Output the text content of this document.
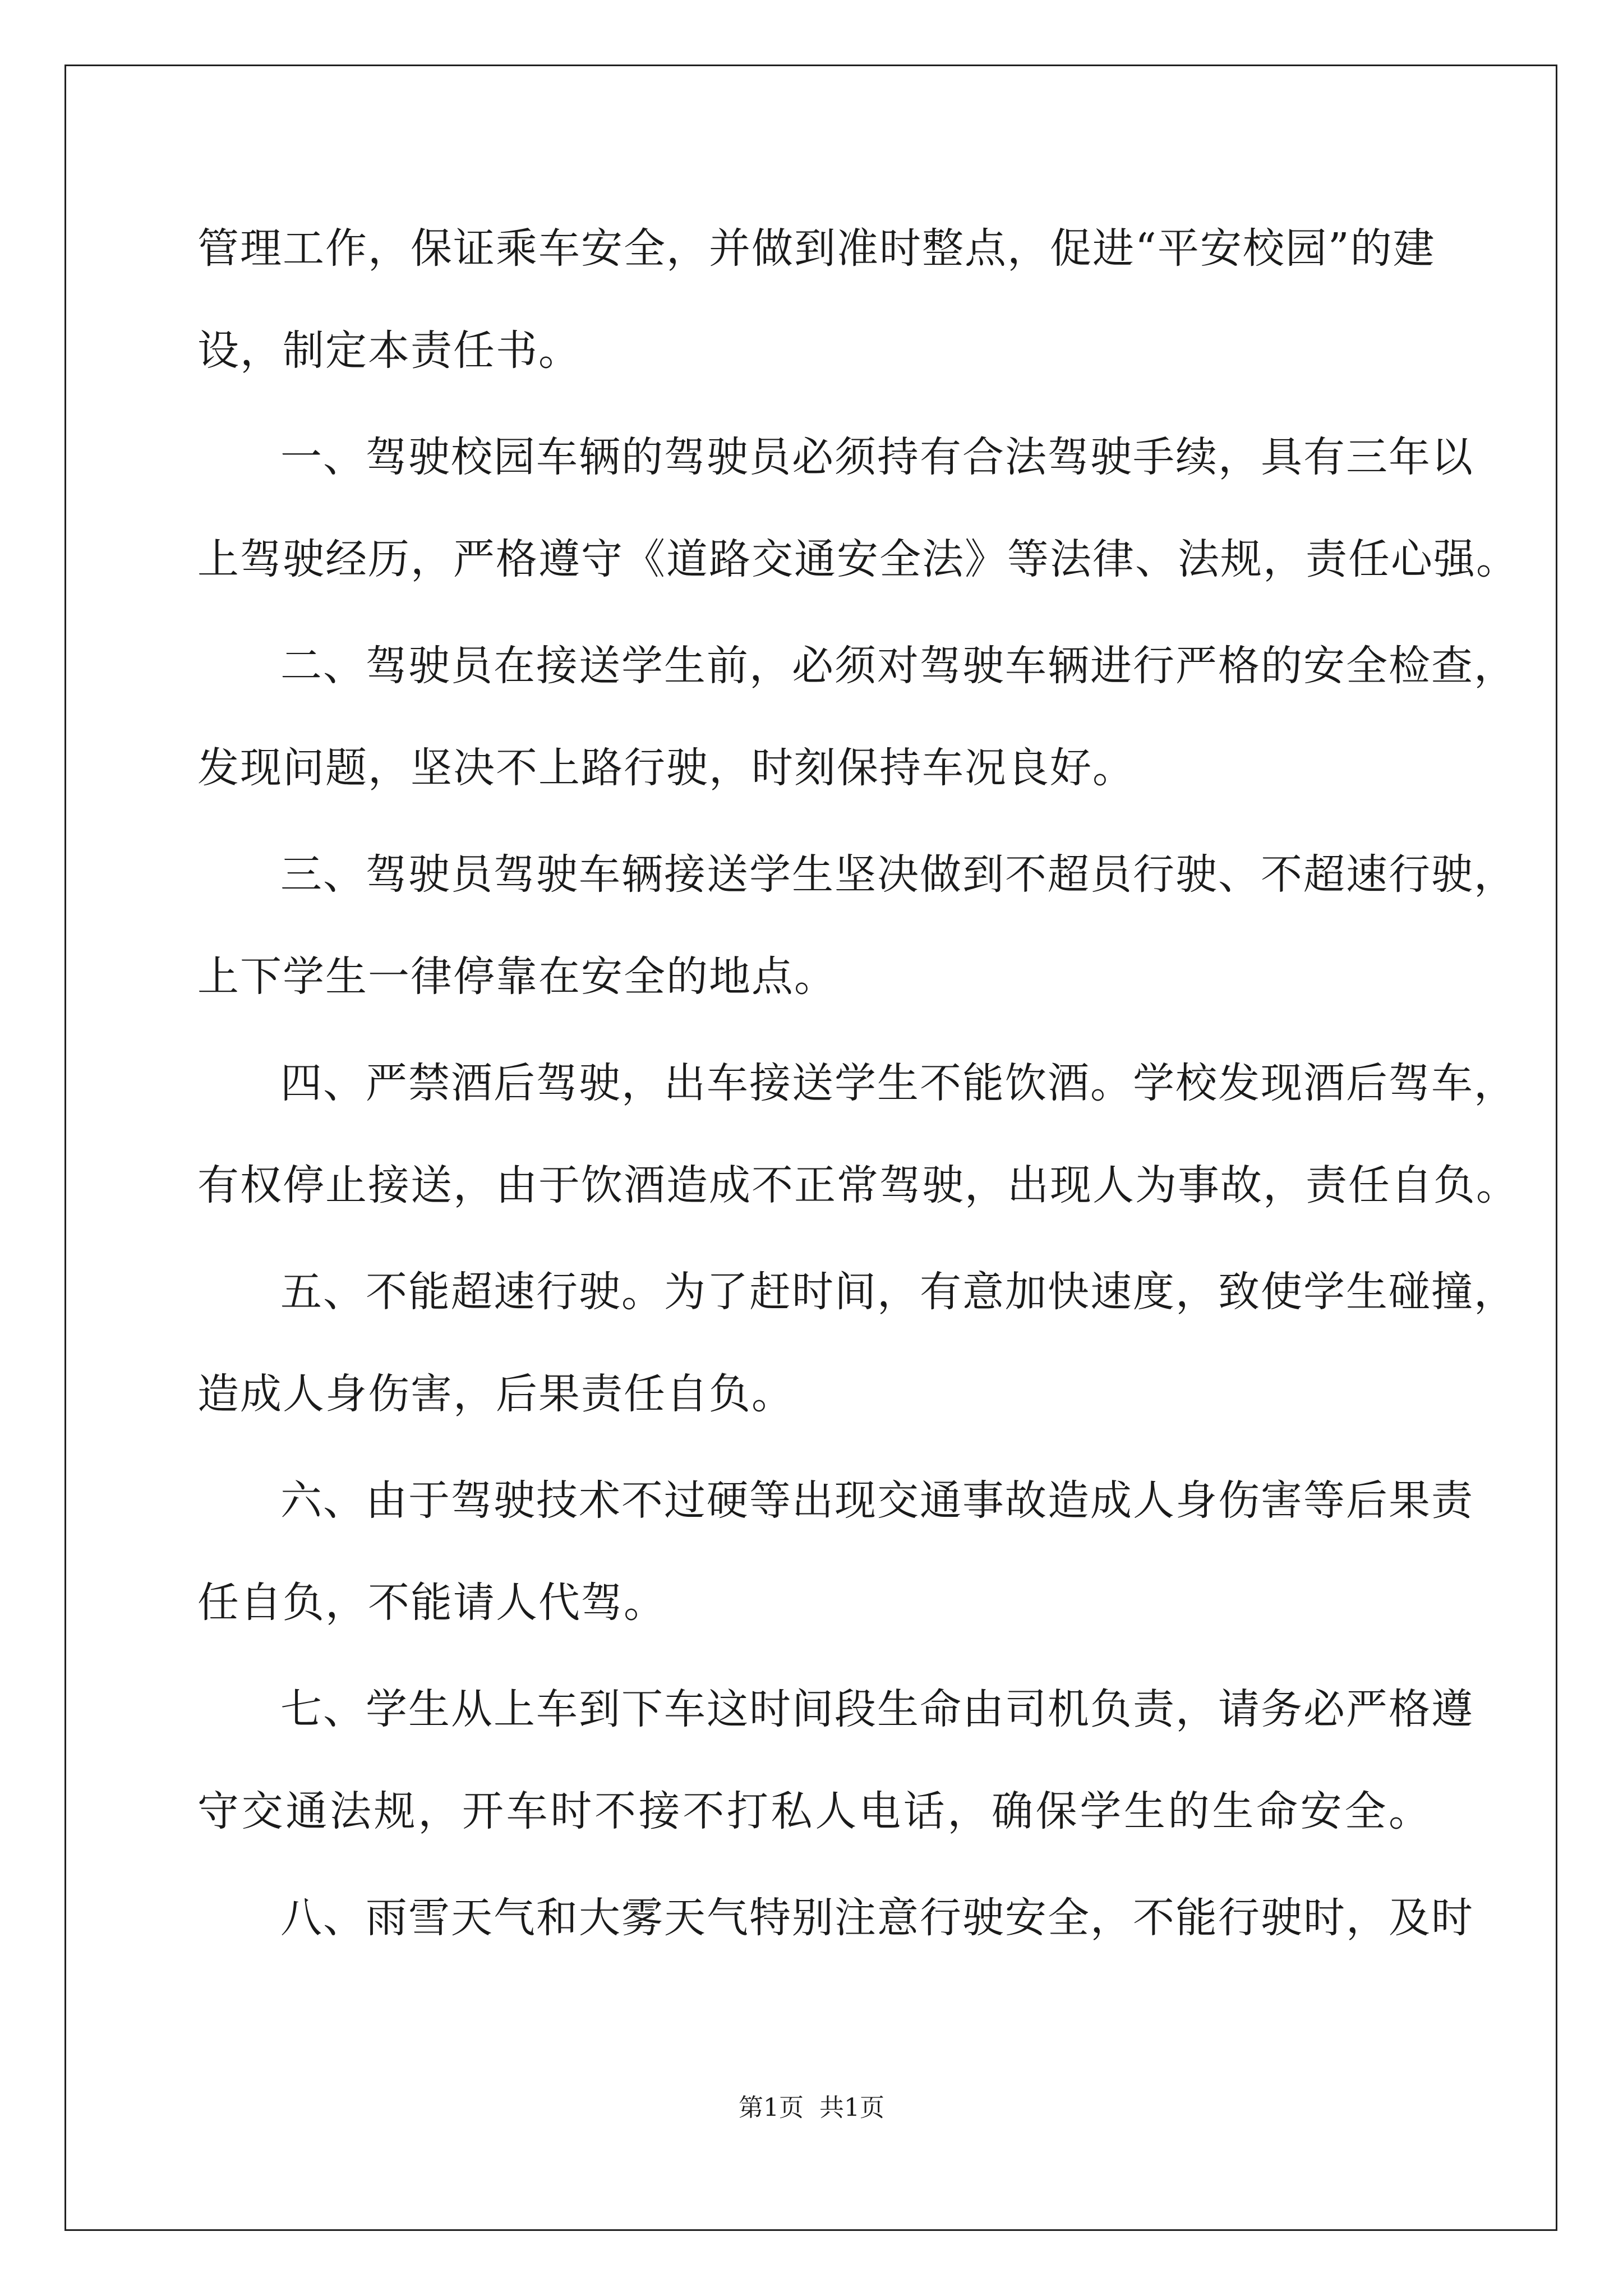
管理工作，保证乘车安全，并做到准时整点，促进“平安校园”的建
设，制定本责任书。
一、驾驶校园车辆的驾驶员必须持有合法驾驶手续，具有三年以
上驾驶经历，严格遵守《道路交通安全法》等法律、法规，责任心强。
二、驾驶员在接送学生前，必须对驾驶车辆进行严格的安全检查，
发现问题，坚决不上路行驶，时刻保持车况良好。
三、驾驶员驾驶车辆接送学生坚决做到不超员行驶、不超速行驶，
上下学生一律停靠在安全的地点。
四、严禁酒后驾驶，出车接送学生不能饮酒。学校发现酒后驾车，
有权停止接送，由于饮酒造成不正常驾驶，出现人为事故，责任自负。
五、不能超速行驶。为了赶时间，有意加快速度，致使学生碰撞，
造成人身伤害，后果责任自负。
六、由于驾驶技术不过硬等出现交通事故造成人身伤害等后果责
任自负，不能请人代驾。
七、学生从上车到下车这时间段生命由司机负责，请务必严格遵
守交通法规，开车时不接不打私人电话，确保学生的生命安全。
八、雨雪天气和大雾天气特别注意行驶安全，不能行驶时，及时
第1页 共1页
